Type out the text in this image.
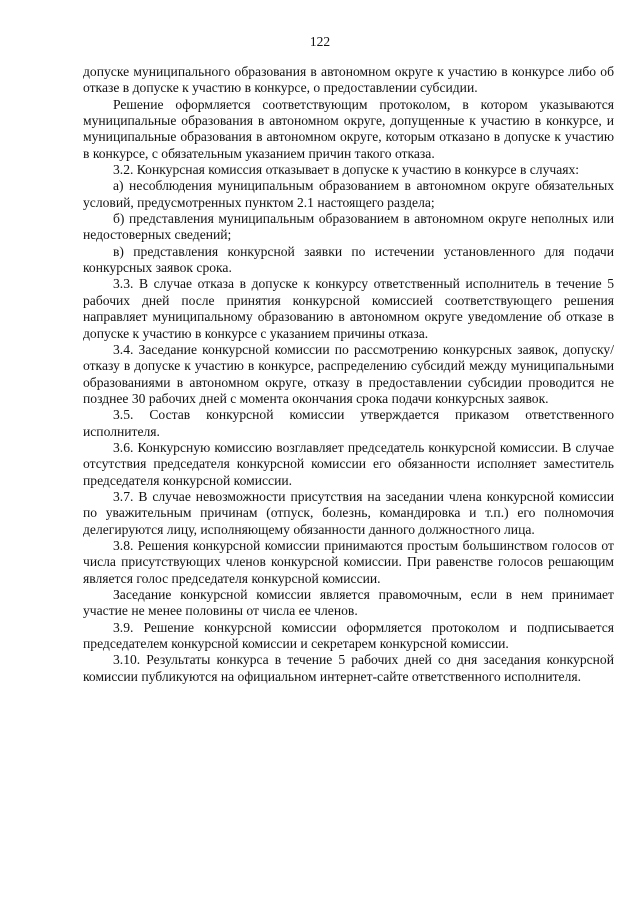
122

допуске муниципального образования в автономном округе к участию в конкурсе либо об отказе в допуске к участию в конкурсе, о предоставлении субсидии.

Решение оформляется соответствующим протоколом, в котором указываются муниципальные образования в автономном округе, допущенные к участию в конкурсе, и муниципальные образования в автономном округе, которым отказано в допуске к участию в конкурсе, с обязательным указанием причин такого отказа.

3.2. Конкурсная комиссия отказывает в допуске к участию в конкурсе в случаях:

а) несоблюдения муниципальным образованием в автономном округе обязательных условий, предусмотренных пунктом 2.1 настоящего раздела;

б) представления муниципальным образованием в автономном округе неполных или недостоверных сведений;

в) представления конкурсной заявки по истечении установленного для подачи конкурсных заявок срока.

3.3. В случае отказа в допуске к конкурсу ответственный исполнитель в течение 5 рабочих дней после принятия конкурсной комиссией соответствующего решения направляет муниципальному образованию в автономном округе уведомление об отказе в допуске к участию в конкурсе с указанием причины отказа.

3.4. Заседание конкурсной комиссии по рассмотрению конкурсных заявок, допуску/отказу в допуске к участию в конкурсе, распределению субсидий между муниципальными образованиями в автономном округе, отказу в предоставлении субсидии проводится не позднее 30 рабочих дней с момента окончания срока подачи конкурсных заявок.

3.5. Состав конкурсной комиссии утверждается приказом ответственного исполнителя.

3.6. Конкурсную комиссию возглавляет председатель конкурсной комиссии. В случае отсутствия председателя конкурсной комиссии его обязанности исполняет заместитель председателя конкурсной комиссии.

3.7. В случае невозможности присутствия на заседании члена конкурсной комиссии по уважительным причинам (отпуск, болезнь, командировка и т.п.) его полномочия делегируются лицу, исполняющему обязанности данного должностного лица.

3.8. Решения конкурсной комиссии принимаются простым большинством голосов от числа присутствующих членов конкурсной комиссии. При равенстве голосов решающим является голос председателя конкурсной комиссии.

Заседание конкурсной комиссии является правомочным, если в нем принимает участие не менее половины от числа ее членов.

3.9. Решение конкурсной комиссии оформляется протоколом и подписывается председателем конкурсной комиссии и секретарем конкурсной комиссии.

3.10. Результаты конкурса в течение 5 рабочих дней со дня заседания конкурсной комиссии публикуются на официальном интернет-сайте ответственного исполнителя.
